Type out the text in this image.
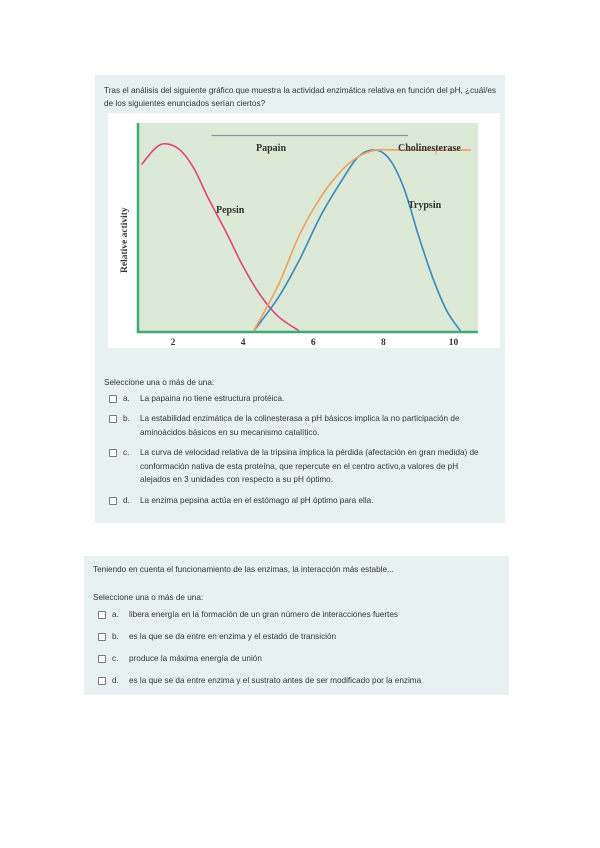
Tras el análisis del siguiente gráfico que muestra la actividad enzimática relativa en función del pH, ¿cuál/es de los siguientes enunciados serían ciertos?
2	4	6	8	10
Papain	Cholinesterase
Pepsin	Trypsin
Relative activity
Seleccione una o más de una:
a. La papaina no tiene estructura protéica.
b. La estabilidad enzimática de la colinesterasa a pH básicos implica la no participación de aminoácidos básicos en su mecanismo catalítico.
c. La curva de velocidad relativa de la tripsina implica la pérdida (afectación en gran medida) de conformación nativa de esta proteína, que repercute en el centro activo,a valores de pH alejados en 3 unidades con respecto a su pH óptimo.
d. La enzima pepsina actúa en el estómago al pH óptimo para ella.
Teniendo en cuenta el funcionamiento de las enzimas, la interacción más estable...
Seleccione una o más de una:
a. libera energía en la formación de un gran número de interacciones fuertes
b. es la que se da entre en enzima y el estado de transición
c. produce la máxima energía de unión
d. es la que se da entre enzima y el sustrato antes de ser modificado por la enzima
